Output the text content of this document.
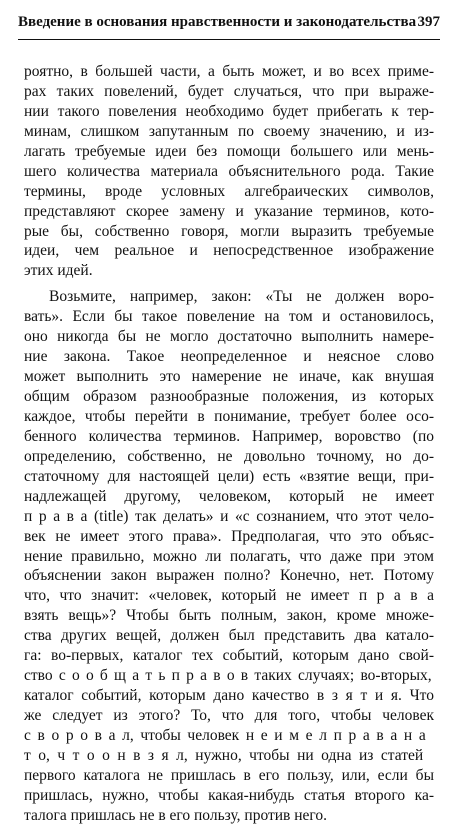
Введение в основания нравственности и законодательства 397
роятно, в большей части, а быть может, и во всех приме-
рах таких повелений, будет случаться, что при выраже-
нии такого повеления необходимо будет прибегать к тер-
минам, слишком запутанным по своему значению, и из-
лагать требуемые идеи без помощи большего или мень-
шего количества материала объяснительного рода. Такие
термины, вроде условных алгебраических символов,
представляют скорее замену и указание терминов, кото-
рые бы, собственно говоря, могли выразить требуемые
идеи, чем реальное и непосредственное изображение
этих идей.
Возьмите, например, закон: «Ты не должен воро-
вать». Если бы такое повеление на том и остановилось,
оно никогда бы не могло достаточно выполнить намере-
ние закона. Такое неопределенное и неясное слово
может выполнить это намерение не иначе, как внушая
общим образом разнообразные положения, из которых
каждое, чтобы перейти в понимание, требует более осо-
бенного количества терминов. Например, воровство (по
определению, собственно, не довольно точному, но до-
статочному для настоящей цели) есть «взятие вещи, при-
надлежащей другому, человеком, который не имеет
п р а в а (title) так делать» и «с сознанием, что этот чело-
век не имеет этого права». Предполагая, что это объяс-
нение правильно, можно ли полагать, что даже при этом
объяснении закон выражен полно? Конечно, нет. Потому
что, что значит: «человек, который не имеет п р а в а
взять вещь»? Чтобы быть полным, закон, кроме множе-
ства других вещей, должен был представить два катало-
га: во-первых, каталог тех событий, которым дано свой-
ство с о о б щ а т ь п р а в о в таких случаях; во-вторых,
каталог событий, которым дано качество в з я т и я. Что
же следует из этого? То, что для того, чтобы человек
с в о р о в а л, чтобы человек н е и м е л п р а в а н а
т о, ч т о о н в з я л, нужно, чтобы ни одна из статей
первого каталога не пришлась в его пользу, или, если бы
пришлась, нужно, чтобы какая-нибудь статья второго ка-
талога пришлась не в его пользу, против него.
